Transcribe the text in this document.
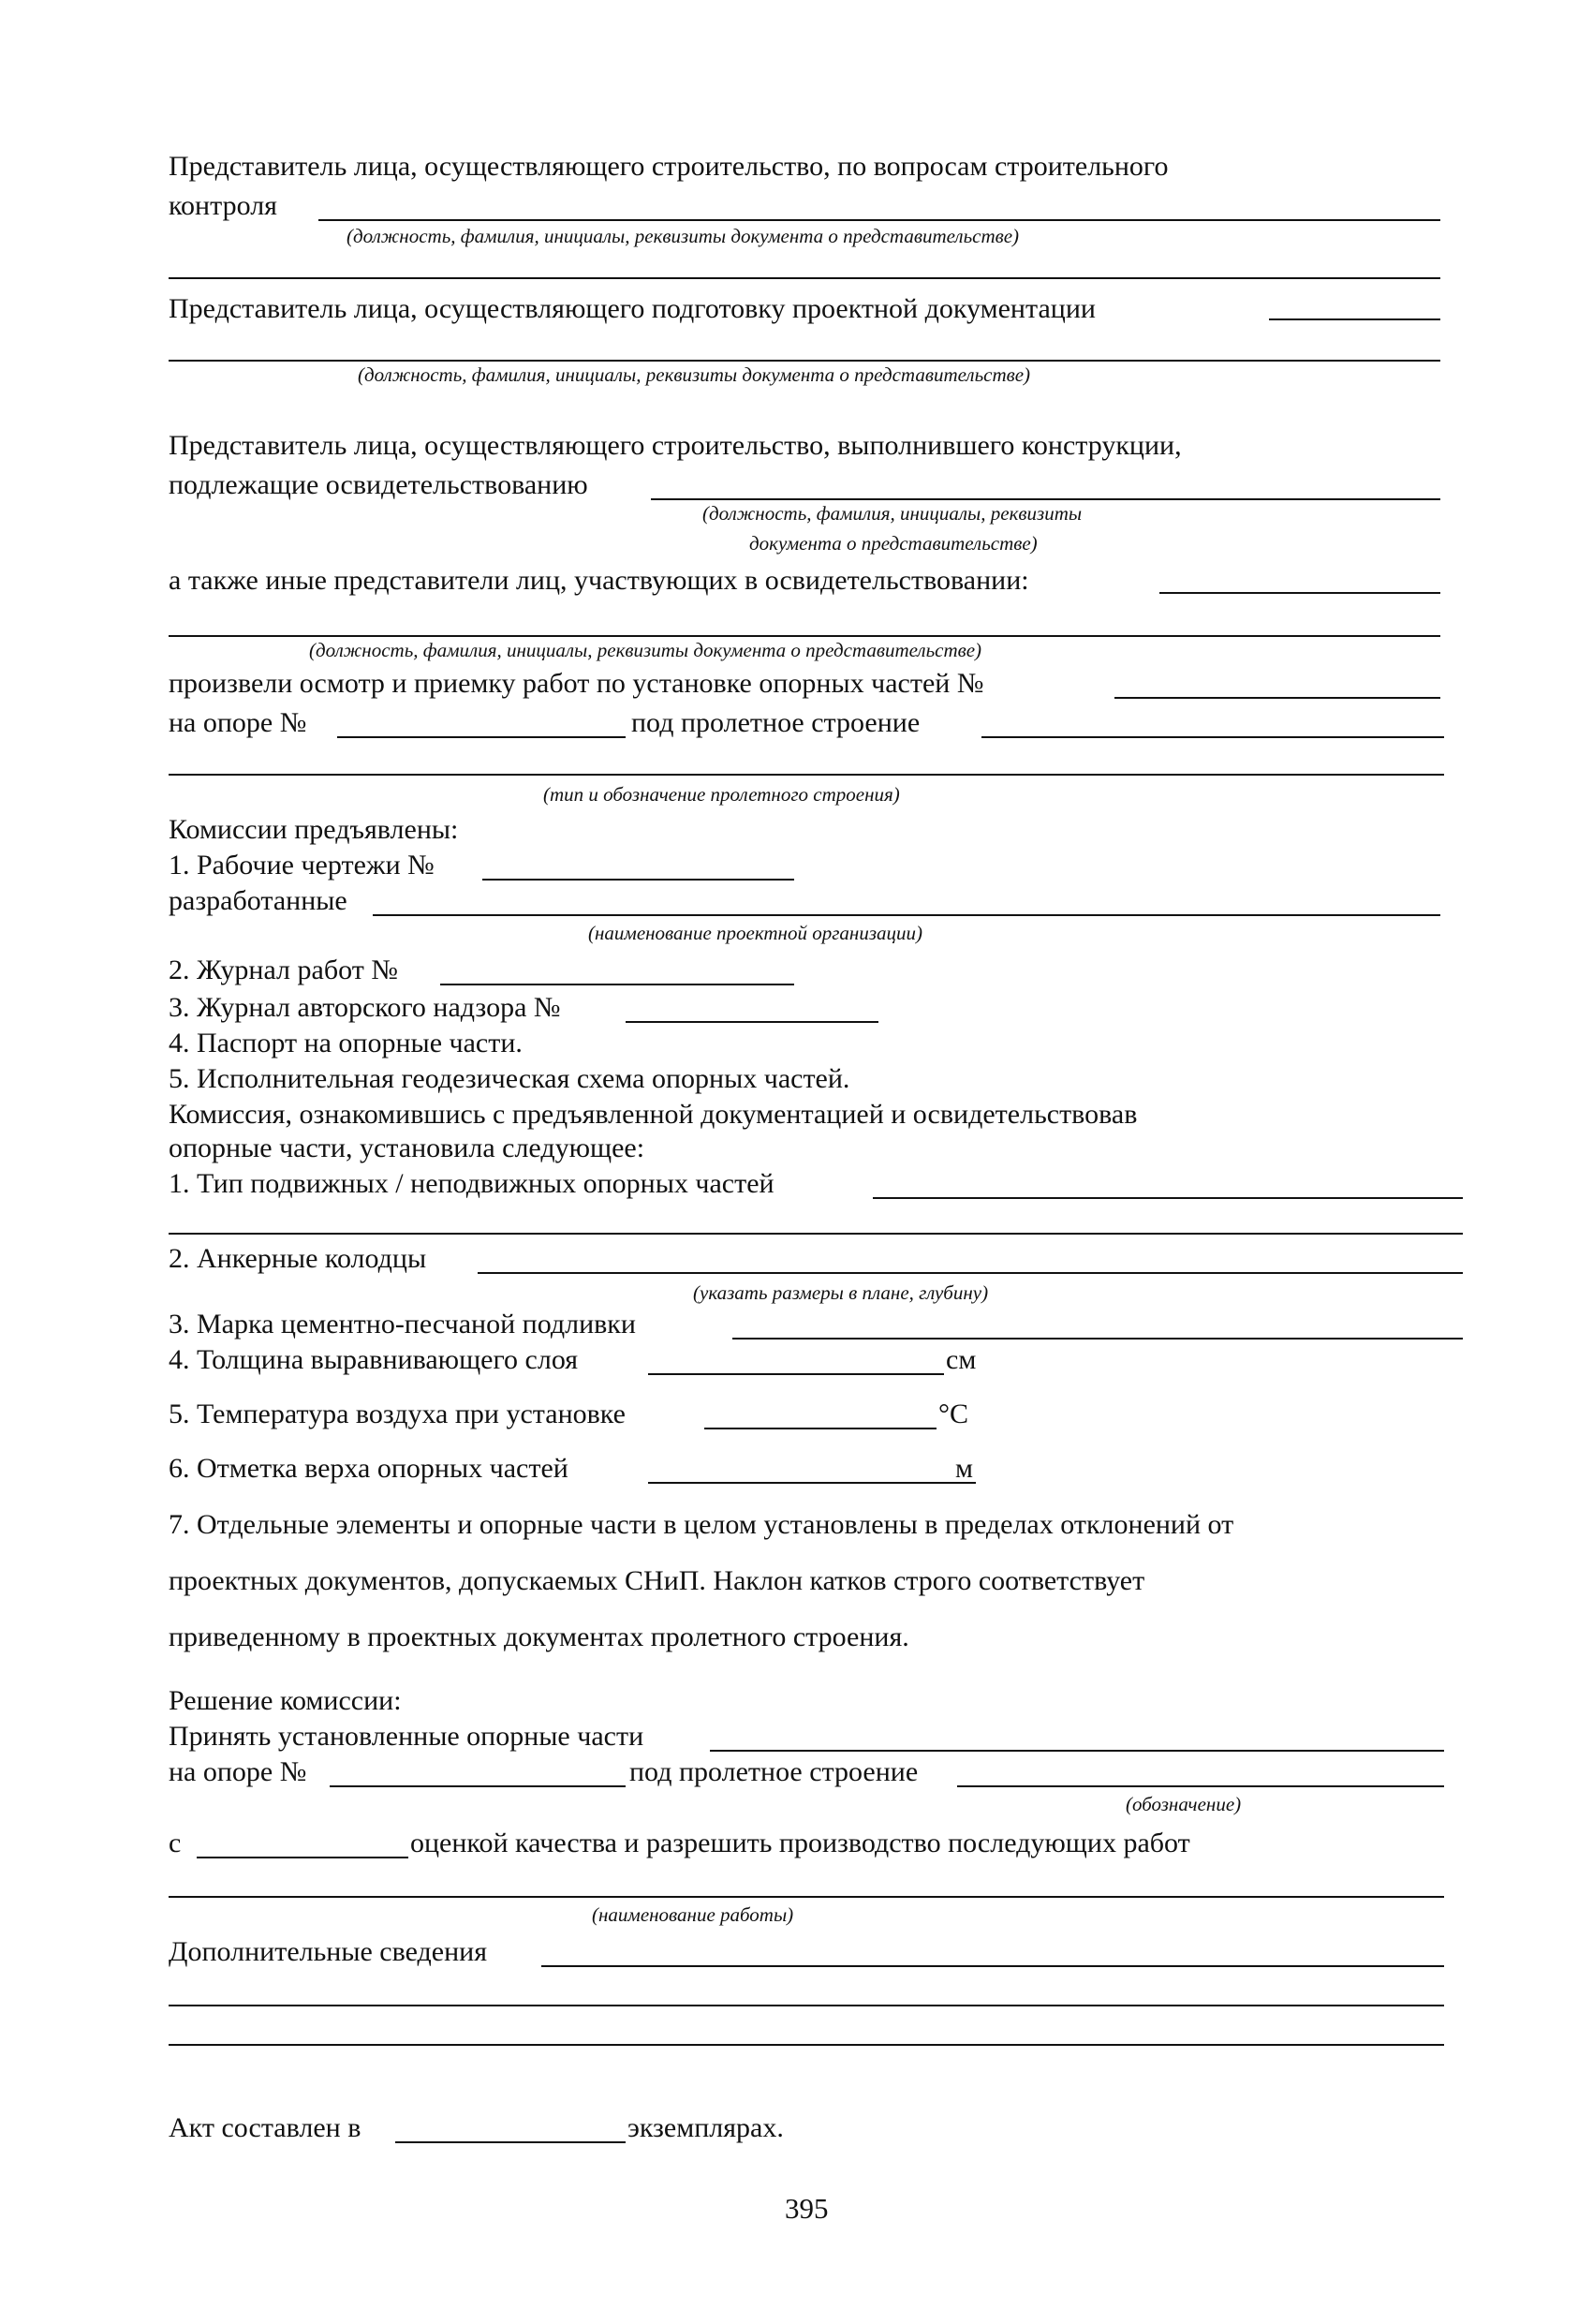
Представитель лица, осуществляющего строительство, по вопросам строительного
контроля
(должность, фамилия, инициалы, реквизиты документа о представительстве)
Представитель лица, осуществляющего подготовку проектной документации
(должность, фамилия, инициалы, реквизиты документа о представительстве)
Представитель лица, осуществляющего строительство, выполнившего конструкции,
подлежащие освидетельствованию
(должность, фамилия, инициалы, реквизиты
документа о представительстве)
а также иные представители лиц, участвующих в освидетельствовании:
(должность, фамилия, инициалы, реквизиты документа о представительстве)
произвели осмотр и приемку работ по установке опорных частей №
на опоре №	под пролетное строение
(тип и обозначение пролетного строения)
Комиссии предъявлены:
1. Рабочие чертежи №
разработанные
(наименование проектной организации)
2. Журнал работ №
3. Журнал авторского надзора №
4. Паспорт на опорные части.
5. Исполнительная геодезическая схема опорных частей.
Комиссия, ознакомившись с предъявленной документацией и освидетельствовав
опорные части, установила следующее:
1. Тип подвижных / неподвижных опорных частей
2. Анкерные колодцы
(указать размеры в плане, глубину)
3. Марка цементно-песчаной подливки
4. Толщина выравнивающего слоя	см
5. Температура воздуха при установке	°C
6. Отметка верха опорных частей	м
7. Отдельные элементы и опорные части в целом установлены в пределах отклонений от
проектных документов, допускаемых СНиП. Наклон катков строго соответствует
приведенному в проектных документах пролетного строения.
Решение комиссии:
Принять установленные опорные части
на опоре №	под пролетное строение
(обозначение)
с	оценкой качества и разрешить производство последующих работ
(наименование работы)
Дополнительные сведения
Акт составлен в	экземплярах.
395
